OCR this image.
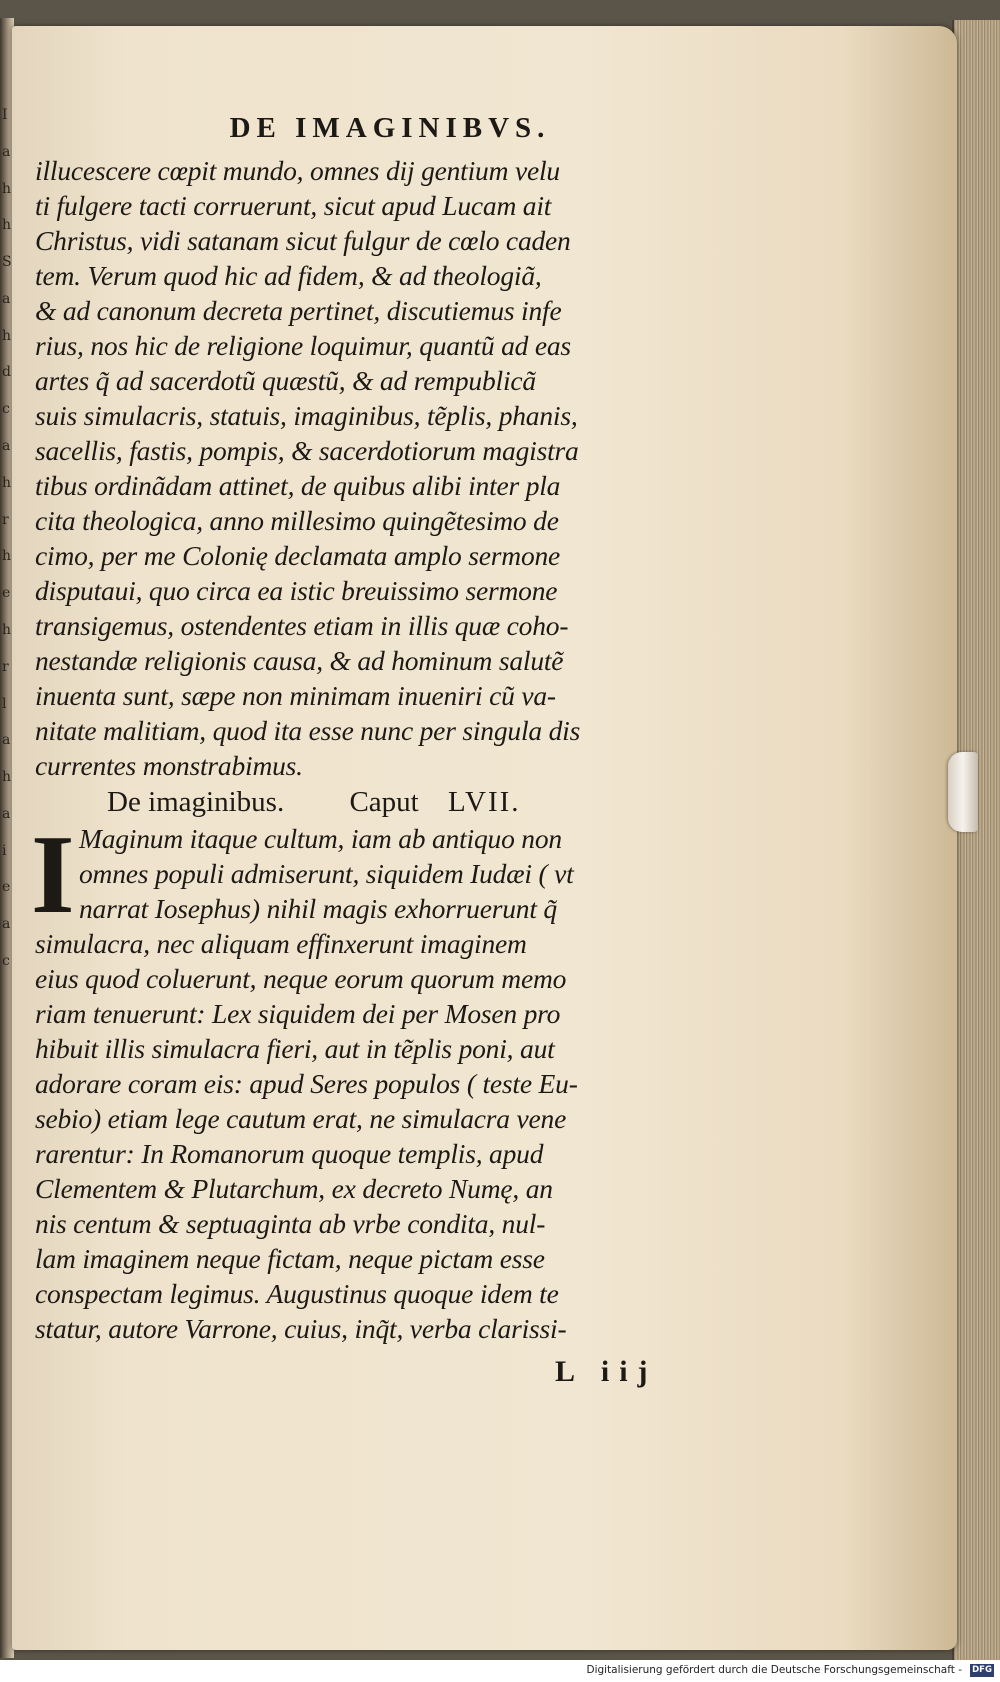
I
a
h
h
S
a
h
d
c
a
h
r
h
e
h
r
l
a
h
a
i
e
a
c
DE IMAGINIBVS.
illucescere cœpit mundo, omnes dij gentium velu
ti fulgere tacti corruerunt, sicut apud Lucam ait
Christus, vidi satanam sicut fulgur de cœlo caden
tem. Verum quod hic ad fidem, & ad theologiã,
& ad canonum decreta pertinet, discutiemus infe
rius, nos hic de religione loquimur, quantũ ad eas
artes q̃ ad sacerdotũ quæstũ, & ad rempublicã
suis simulacris, statuis, imaginibus, tẽplis, phanis,
sacellis, fastis, pompis, & sacerdotiorum magistra
tibus ordinãdam attinet, de quibus alibi inter pla
cita theologica, anno millesimo quingẽtesimo de
cimo, per me Colonię declamata amplo sermone
disputaui, quo circa ea istic breuissimo sermone
transigemus, ostendentes etiam in illis quæ coho-
nestandæ religionis causa, & ad hominum salutẽ
inuenta sunt, sæpe non minimam inueniri cũ va-
nitate malitiam, quod ita esse nunc per singula dis
currentes monstrabimus.
De imaginibus. Caput LVII.
I Maginum itaque cultum, iam ab antiquo non
omnes populi admiserunt, siquidem Iudæi ( vt
narrat Iosephus) nihil magis exhorruerunt q̃
simulacra, nec aliquam effinxerunt imaginem
eius quod coluerunt, neque eorum quorum memo
riam tenuerunt: Lex siquidem dei per Mosen pro
hibuit illis simulacra fieri, aut in tẽplis poni, aut
adorare coram eis: apud Seres populos ( teste Eu-
sebio) etiam lege cautum erat, ne simulacra vene
rarentur: In Romanorum quoque templis, apud
Clementem & Plutarchum, ex decreto Numę, an
nis centum & septuaginta ab vrbe condita, nul-
lam imaginem neque fictam, neque pictam esse
conspectam legimus. Augustinus quoque idem te
statur, autore Varrone, cuius, inq̃t, verba clarissi-
L iij
Digitalisierung gefördert durch die Deutsche Forschungsgemeinschaft - DFG
